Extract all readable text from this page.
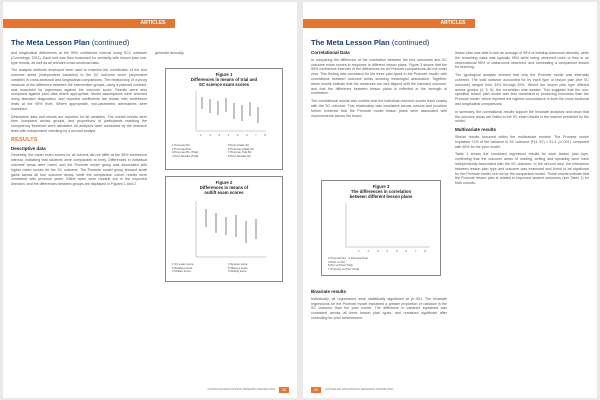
ARTICLES
The Meta Lesson Plan (continued)

and longitudinal differences at the 95% confidence interval using SCC software (Cummings, 2011). Each unit was then examined for similarity with lesson plan sub-type results, as well as all relevant cross-sectional data.

The analysis methods employed were used to examine the contribution of the four outcome areas (independent variables) to the SC outcome score (dependent variable) in cross-sectional and longitudinal comparisons. The relationship of a proxy measure of the difference between the intervention groups, using a planned contrast, was examined by regression against the outcome score. Results were also compared against prior data where appropriate. Model assumptions were checked using standard diagnostics, and reported coefficients are shown with confidence limits at the 95% level. Where appropriate, non-parametric alternatives were examined.

Descriptive data and results are reported for all variables. The overall results were then compared across groups, and proportions of participants reaching the competency threshold were tabulated. All analyses were conducted by the research team with independent checking by a second analyst.

RESULTS
Descriptive data

Generally, the mean exam scores for all cohorts did not differ at the 95% confidence interval, indicating that students were comparable at entry. Differences in individual outcome areas were noted, and the Promote model group was associated with higher mean scores for the SC outcome. The Promote model group showed small gains across all four outcome areas, while the comparison cohort results were consistent with previous years. Effect sizes were modest but in the expected direction, and the differences between groups are displayed in Figures 1 and 2.

generate annually.

Figure 1
Differences in means of trial and
SC science exam scores
1	2	3	4	5	6	7	8
1 Promote Pre
2 Promote Post
3 Promote Pre (Trial)
4 Prior Results (Trial)
5 Post Grade SC
6 Promote Grade SC
7 Promote Trial SC
8 Prior Results SC
Figure 2
Differences in means of
outlift exam scores
1 SC exam score
2 Reading score
3 Written score
4 Spoken score
5 Fluency score
6 Writing score
28
AUSTRALIAN EDUCATIONAL RESEARCH REVIEW 2018
ARTICLES
The Meta Lesson Plan (continued)
Correlational Data

In comparing the difference of the correlation between the four outcomes and SC outcome exam scores in response to different lesson plans, Figure 3 shows that the 95% confidence intervals of the differences for all Promote comparisons did not cross zero. This finding was consistent for the three plan types in the Promote model, with correlations between outcome areas showing meaningful association. Together, these results indicate that the measures are well aligned with the intended outcome, and that the difference between lesson plans is reflected in the strength of correlation.

The correlational results also confirm that the individual outcome scores track closely with the SC outcome. This relationship was consistent across cohorts and provides further evidence that the Promote model lesson plans were associated with improvements across the board.

Figure 3
The differences in correlation
between different lesson plans
1	2	3	4	5	6	7	8
1 Promote Pre - 2 Promote Post
3 Prior vs Pre
5 Pre vs Post (Trial)
7 Promote vs Prior (Trial)
Bivariate results

Individually, all regressions were statistically significant at p<.001. The bivariate regressions for the Promote model explained a greater proportion of variance in the SC outcome than the prior model. The difference in variance explained was consistent across all three lesson plan types, and remained significant after controlling for prior achievement.

lesson plan was able to see an average of 95% of existing classroom diversity, while the remaining class was typically 95% while being observed more or less in an observational 95% of classrooms observed, and nominating a comparison lesson for teaching.

The typological analysis showed that only the Promote model was internally coherent. The total variance accounted for by each type of lesson plan (the SC outcome) ranged from 34% through 83%. Where the lesson plan type differed across groups (4, 5, 6), the correlation was weaker. This suggests that the non-specified lesson plan model was less consistent in producing outcomes than the Promote model, which reported the highest concordance in both the cross-sectional and longitudinal comparisons.

In summary, the correlational results support the bivariate analyses and show that the outcome areas are linked to the SC exam results in the manner predicted by the model.

Multivariate results

Similar results occurred within the multivariate models. The Promote model explained 71% of the variance in SC outcome (F(4, 67) = 41.3, p<.001), compared with 48% for the prior model.

Table 1 shows the combined regression results for each lesson plan type, confirming that the outcome areas of reading, writing and speaking were each independently associated with the SC outcome. In the second step, the interaction between lesson plan type and outcome was examined and found to be significant for the Promote model, but not for the comparison model. These results indicate that the Promote lesson plan is related to improved student outcomes (see Table 1) for both cohorts.

29	AUSTRALIAN EDUCATIONAL RESEARCH REVIEW 2018
